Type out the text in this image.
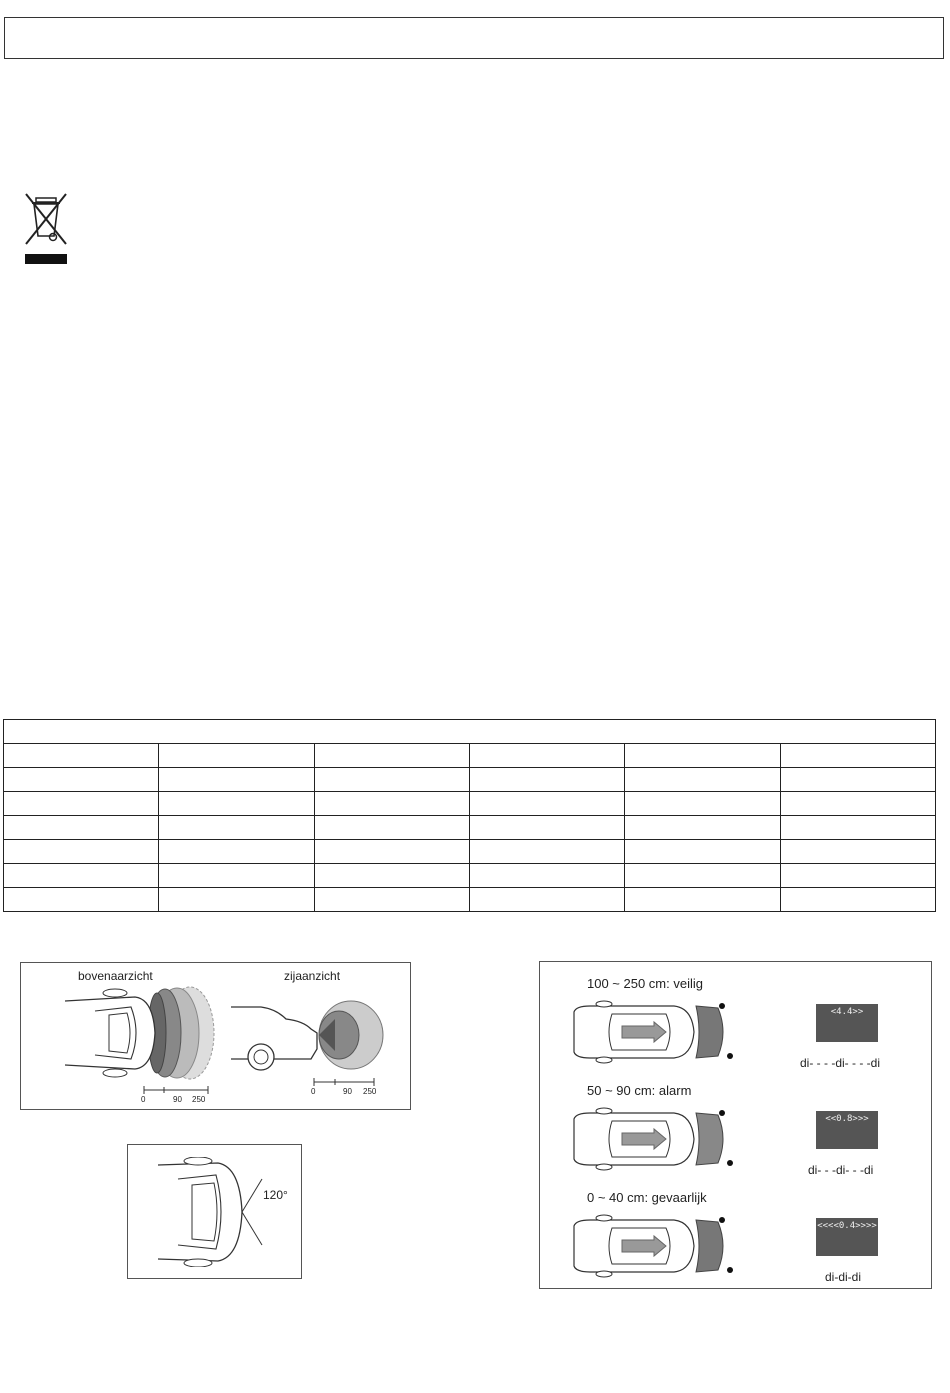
bovenaarzicht	zijaanzicht
0	90 250
0	90 250
120°
100 ~ 250 cm: veilig
<4.4>>
di- - - -di- - - -di
50 ~ 90 cm: alarm
<<0.8>>>
di- - -di- - -di
0 ~ 40 cm: gevaarlijk
<<<<0.4>>>>
di-di-di
